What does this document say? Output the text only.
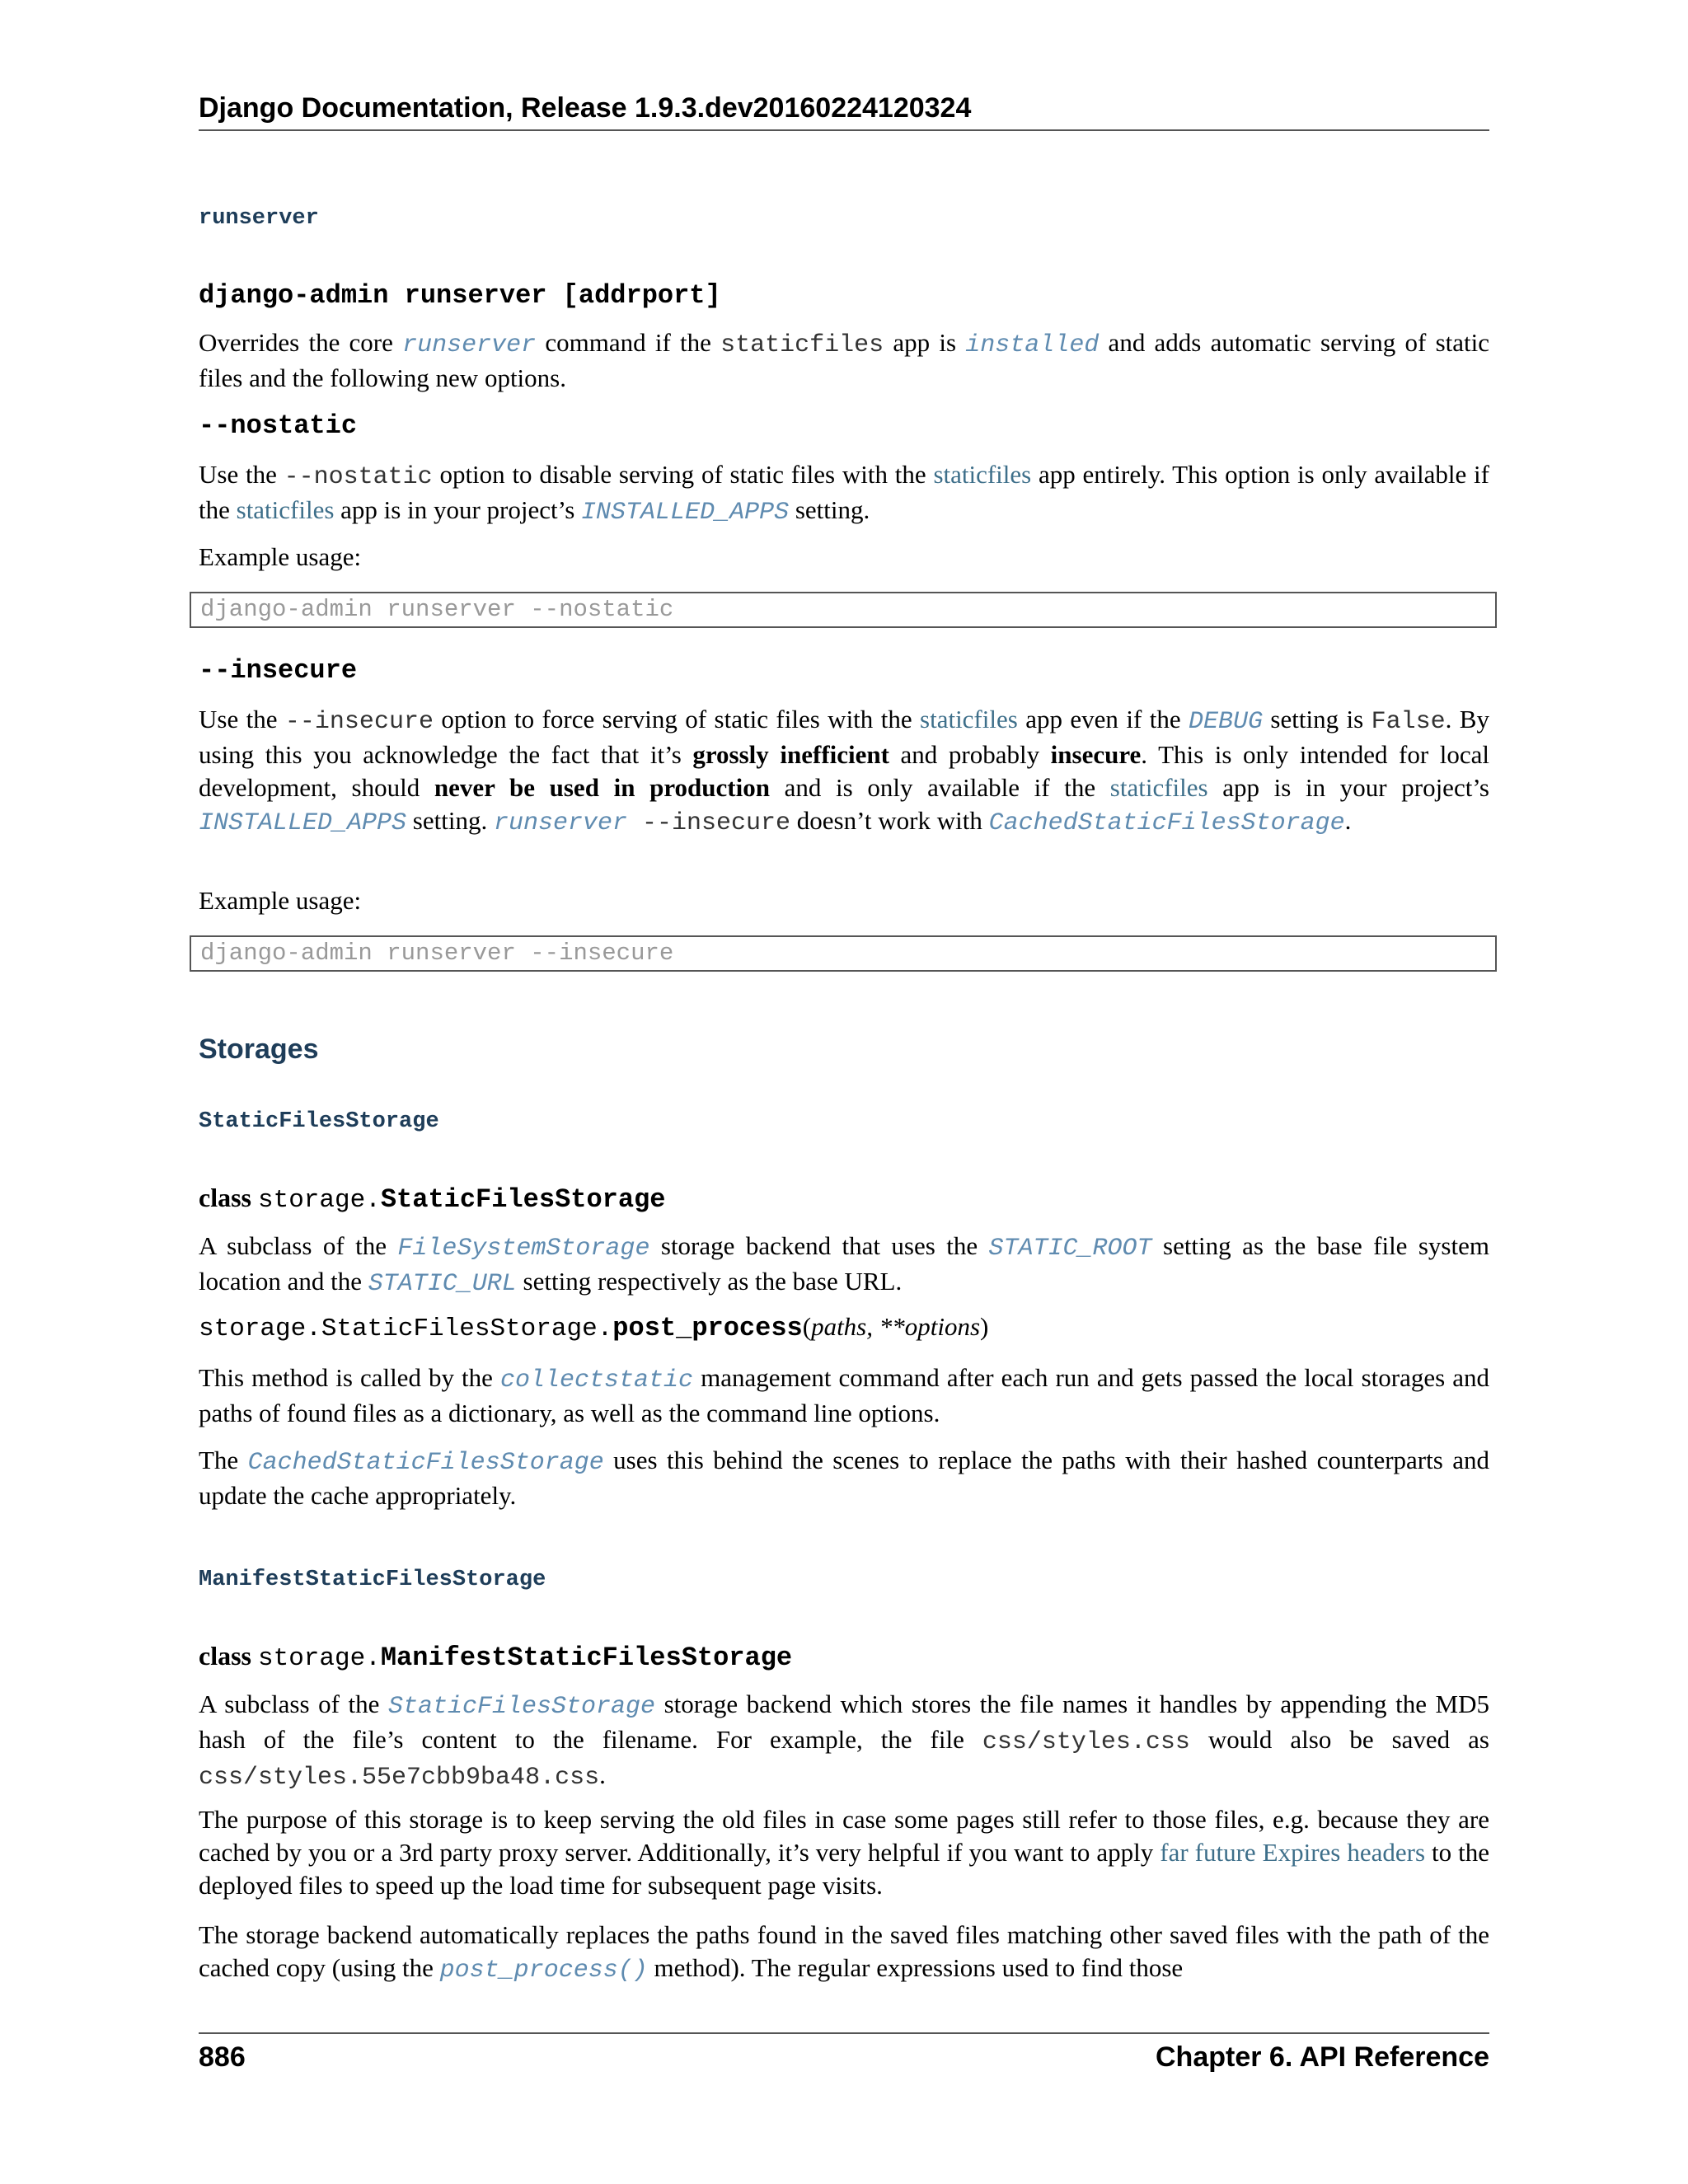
Django Documentation, Release 1.9.3.dev20160224120324
runserver
django-admin runserver [addrport]
Overrides the core runserver command if the staticfiles app is installed and adds automatic serving of static files and the following new options.
--nostatic
Use the --nostatic option to disable serving of static files with the staticfiles app entirely. This option is only available if the staticfiles app is in your project’s INSTALLED_APPS setting.
Example usage:
django-admin runserver --nostatic
--insecure
Use the --insecure option to force serving of static files with the staticfiles app even if the DEBUG setting is False. By using this you acknowledge the fact that it’s grossly inefficient and probably insecure. This is only intended for local development, should never be used in production and is only available if the staticfiles app is in your project’s INSTALLED_APPS setting. runserver --insecure doesn’t work with CachedStaticFilesStorage.
Example usage:
django-admin runserver --insecure
Storages
StaticFilesStorage
class storage.StaticFilesStorage
A subclass of the FileSystemStorage storage backend that uses the STATIC_ROOT setting as the base file system location and the STATIC_URL setting respectively as the base URL.
storage.StaticFilesStorage.post_process(paths, **options)
This method is called by the collectstatic management command after each run and gets passed the local storages and paths of found files as a dictionary, as well as the command line options.
The CachedStaticFilesStorage uses this behind the scenes to replace the paths with their hashed counterparts and update the cache appropriately.
ManifestStaticFilesStorage
class storage.ManifestStaticFilesStorage
A subclass of the StaticFilesStorage storage backend which stores the file names it handles by appending the MD5 hash of the file’s content to the filename. For example, the file css/styles.css would also be saved as css/styles.55e7cbb9ba48.css.
The purpose of this storage is to keep serving the old files in case some pages still refer to those files, e.g. because they are cached by you or a 3rd party proxy server. Additionally, it’s very helpful if you want to apply far future Expires headers to the deployed files to speed up the load time for subsequent page visits.
The storage backend automatically replaces the paths found in the saved files matching other saved files with the path of the cached copy (using the post_process() method). The regular expressions used to find those
886	Chapter 6. API Reference
